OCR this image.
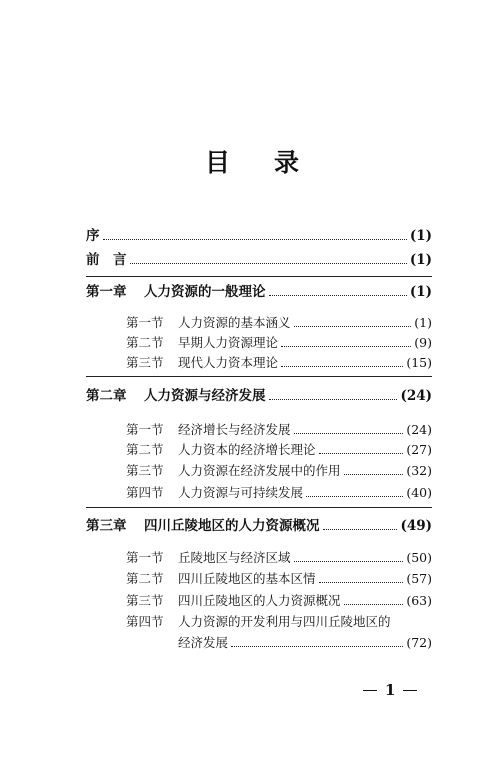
目 录
序	(1)
前　言	(1)
第一章 人力资源的一般理论	(1)
第一节 人力资源的基本涵义	(1)
第二节 早期人力资源理论	(9)
第三节 现代人力资本理论	(15)
第二章 人力资源与经济发展	(24)
第一节 经济增长与经济发展	(24)
第二节 人力资本的经济增长理论	(27)
第三节 人力资源在经济发展中的作用	(32)
第四节 人力资源与可持续发展	(40)
第三章 四川丘陵地区的人力资源概况	(49)
第一节 丘陵地区与经济区域	(50)
第二节 四川丘陵地区的基本区情	(57)
第三节 四川丘陵地区的人力资源概况	(63)
第四节 人力资源的开发利用与四川丘陵地区的
经济发展	(72)
1
